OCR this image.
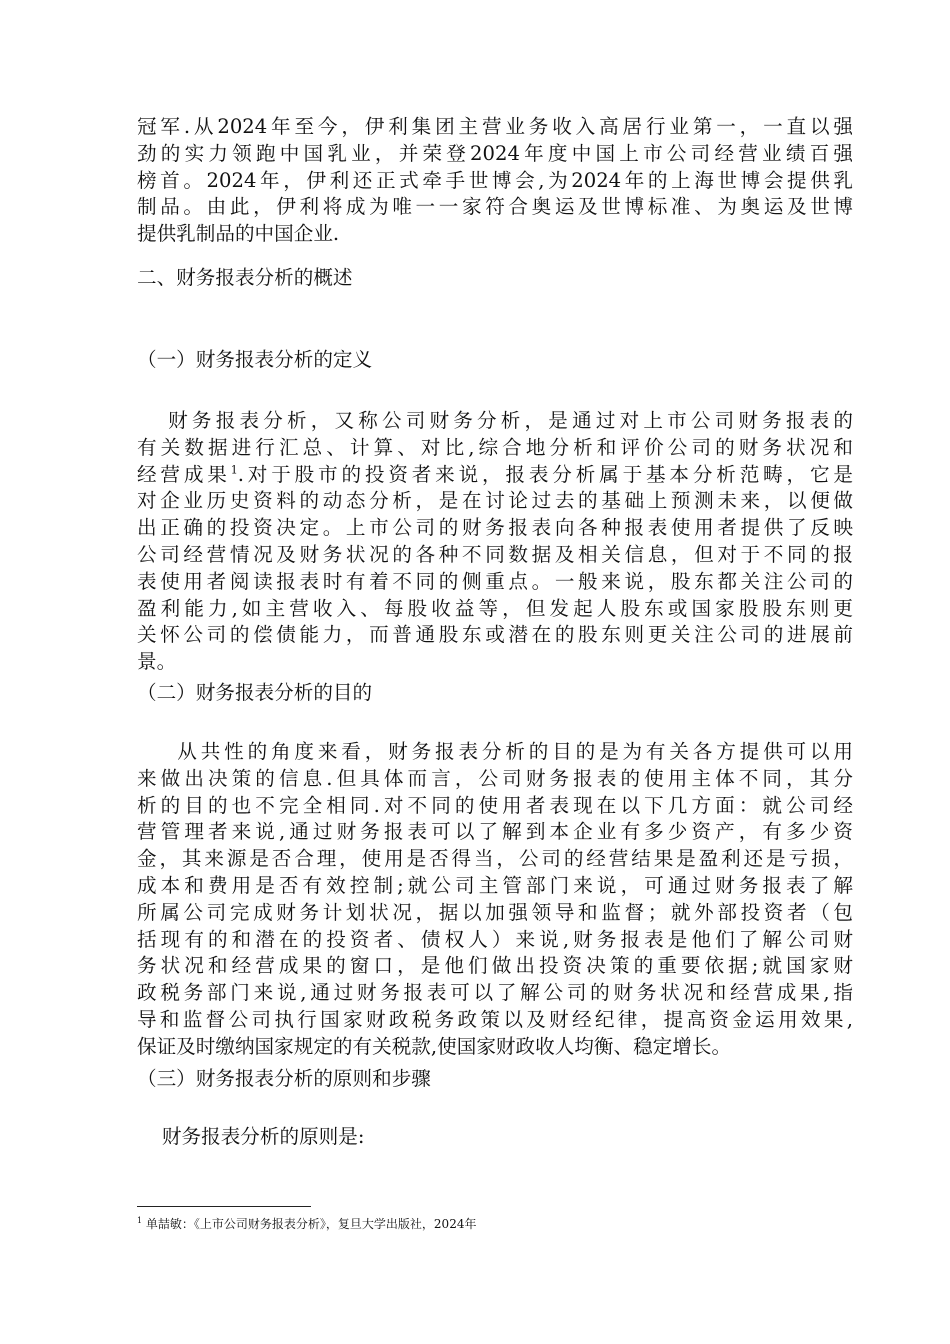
冠军.从2024年至今，伊利集团主营业务收入高居行业第一，一直以强
劲的实力领跑中国乳业，并荣登2024年度中国上市公司经营业绩百强
榜首。2024年，伊利还正式牵手世博会,为2024年的上海世博会提供乳
制品。由此，伊利将成为唯一一家符合奥运及世博标准、为奥运及世博
提供乳制品的中国企业.
二、财务报表分析的概述
（一）财务报表分析的定义
财务报表分析，又称公司财务分析，是通过对上市公司财务报表的
有关数据进行汇总、计算、对比,综合地分析和评价公司的财务状况和
经营成果$^1$.对于股市的投资者来说，报表分析属于基本分析范畴，它是
对企业历史资料的动态分析，是在讨论过去的基础上预测未来，以便做
出正确的投资决定。上市公司的财务报表向各种报表使用者提供了反映
公司经营情况及财务状况的各种不同数据及相关信息，但对于不同的报
表使用者阅读报表时有着不同的侧重点。一般来说，股东都关注公司的
盈利能力,如主营收入、每股收益等，但发起人股东或国家股股东则更
关怀公司的偿债能力，而普通股东或潜在的股东则更关注公司的进展前
景。
（二）财务报表分析的目的
从共性的角度来看，财务报表分析的目的是为有关各方提供可以用
来做出决策的信息.但具体而言，公司财务报表的使用主体不同，其分
析的目的也不完全相同.对不同的使用者表现在以下几方面：就公司经
营管理者来说,通过财务报表可以了解到本企业有多少资产，有多少资
金，其来源是否合理，使用是否得当，公司的经营结果是盈利还是亏损，
成本和费用是否有效控制;就公司主管部门来说，可通过财务报表了解
所属公司完成财务计划状况，据以加强领导和监督；就外部投资者（包
括现有的和潜在的投资者、债权人）来说,财务报表是他们了解公司财
务状况和经营成果的窗口，是他们做出投资决策的重要依据;就国家财
政税务部门来说,通过财务报表可以了解公司的财务状况和经营成果,指
导和监督公司执行国家财政税务政策以及财经纪律，提高资金运用效果,
保证及时缴纳国家规定的有关税款,使国家财政收人均衡、稳定增长。
（三）财务报表分析的原则和步骤
财务报表分析的原则是:
$^1$ 单喆敏：《上市公司财务报表分析》，复旦大学出版社，2024年
